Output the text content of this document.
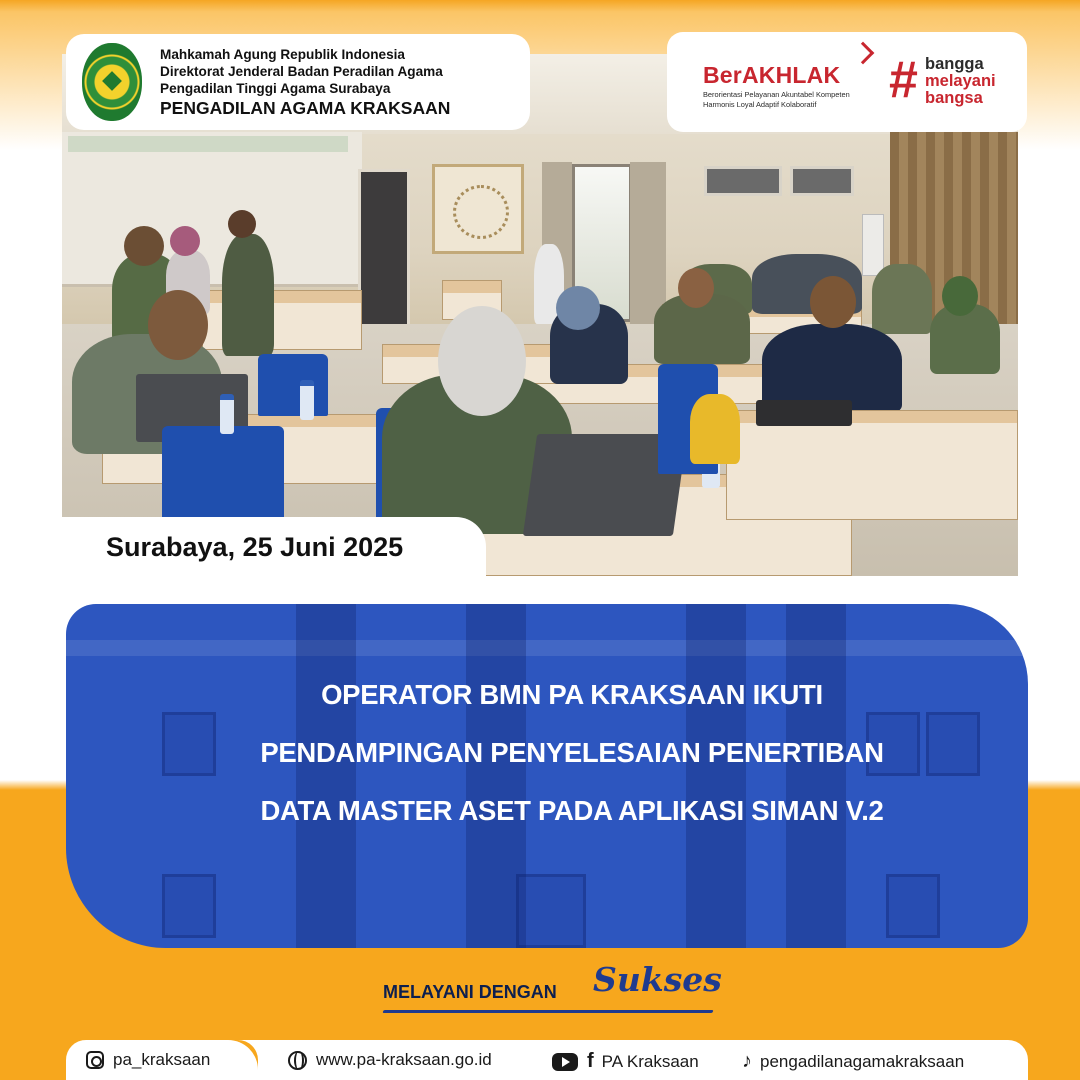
Mahkamah Agung Republik Indonesia
Direktorat Jenderal Badan Peradilan Agama
Pengadilan Tinggi Agama Surabaya
PENGADILAN AGAMA KRAKSAAN
BerAKHLAK
Berorientasi Pelayanan Akuntabel Kompeten
Harmonis Loyal Adaptif Kolaboratif # bangga
melayani
bangsa
Surabaya, 25 Juni 2025
OPERATOR BMN PA KRAKSAAN IKUTI
PENDAMPINGAN PENYELESAIAN PENERTIBAN
DATA MASTER ASET PADA APLIKASI SIMAN V.2
MELAYANI DENGAN Sukses
pa_kraksaan	www.pa-kraksaan.go.id	f PA Kraksaan ♪ pengadilanagamakraksaan
